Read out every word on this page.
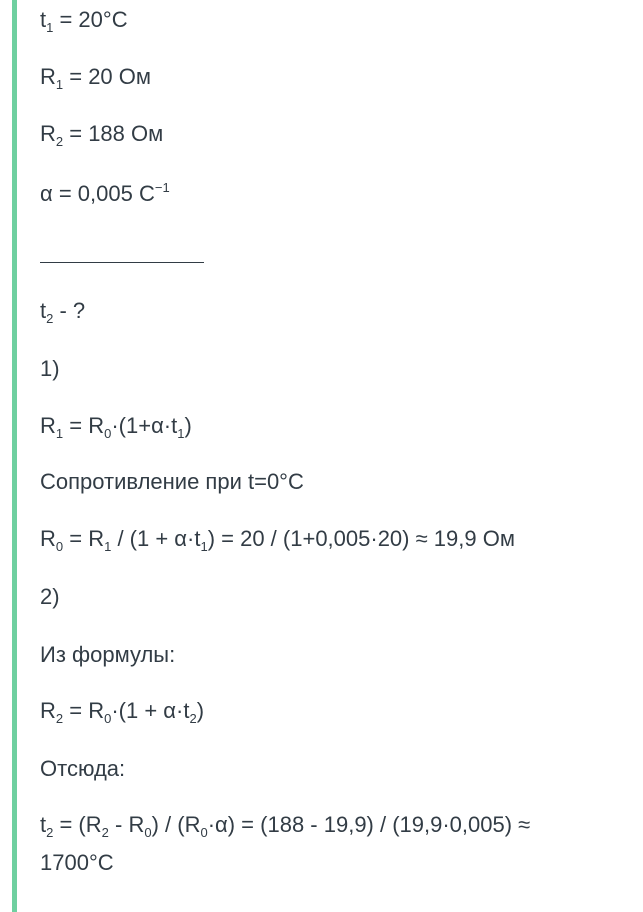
$t_1 = 20^\circ C$
$R_1 = 20$ Ом
$R_2 = 188$ Ом
α = 0,005 $С^{-1}$
$t_2$ - ?
1)
$R_1 = R_0\cdot(1+\alpha\cdot t_1)$
Сопротивление при t=0°C
$R_0 = R_1 / (1 + \alpha\cdot t_1) = 20 / (1+0,005\cdot 20) \approx 19,9$ Ом
2)
Из формулы:
$R_2 = R_0\cdot(1 + \alpha\cdot t_2)$
Отсюда:
$t_2 = (R_2 - R_0) / (R_0\cdot\alpha) = (188 - 19,9) / (19,9\cdot 0,005) \approx 1700^\circ C$
